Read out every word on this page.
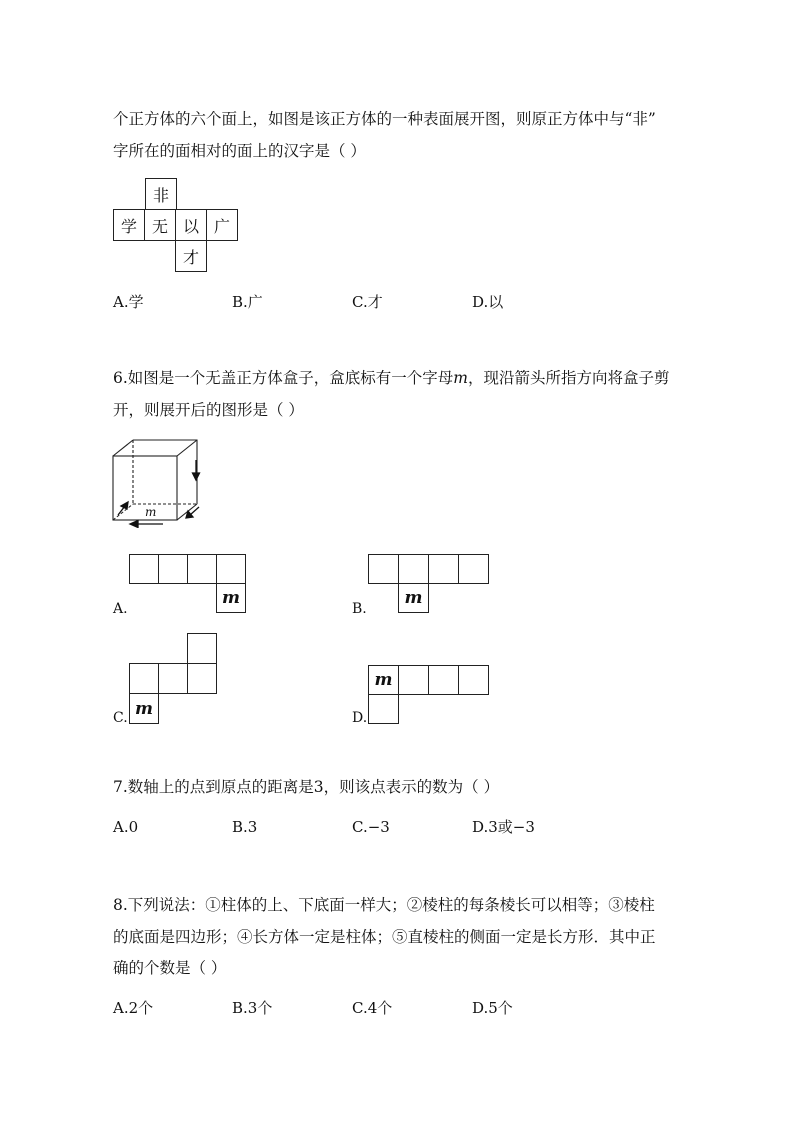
个正方体的六个面上，如图是该正方体的一种表面展开图，则原正方体中与“非”
字所在的面相对的面上的汉字是（ ）
非
学 无 以 广
才
A.学	B.广	C.才	D.以
6.如图是一个无盖正方体盒子，盒底标有一个字母m，现沿箭头所指方向将盒子剪
开，则展开后的图形是（ ）
m
m
A.
m
B.
m
C.
m
D.
7.数轴上的点到原点的距离是3，则该点表示的数为（ ）
A.0	B.3	C.−3	D.3或−3
8.下列说法：①柱体的上、下底面一样大；②棱柱的每条棱长可以相等；③棱柱
的底面是四边形；④长方体一定是柱体；⑤直棱柱的侧面一定是长方形．其中正
确的个数是（ ）
A.2个	B.3个	C.4个	D.5个
